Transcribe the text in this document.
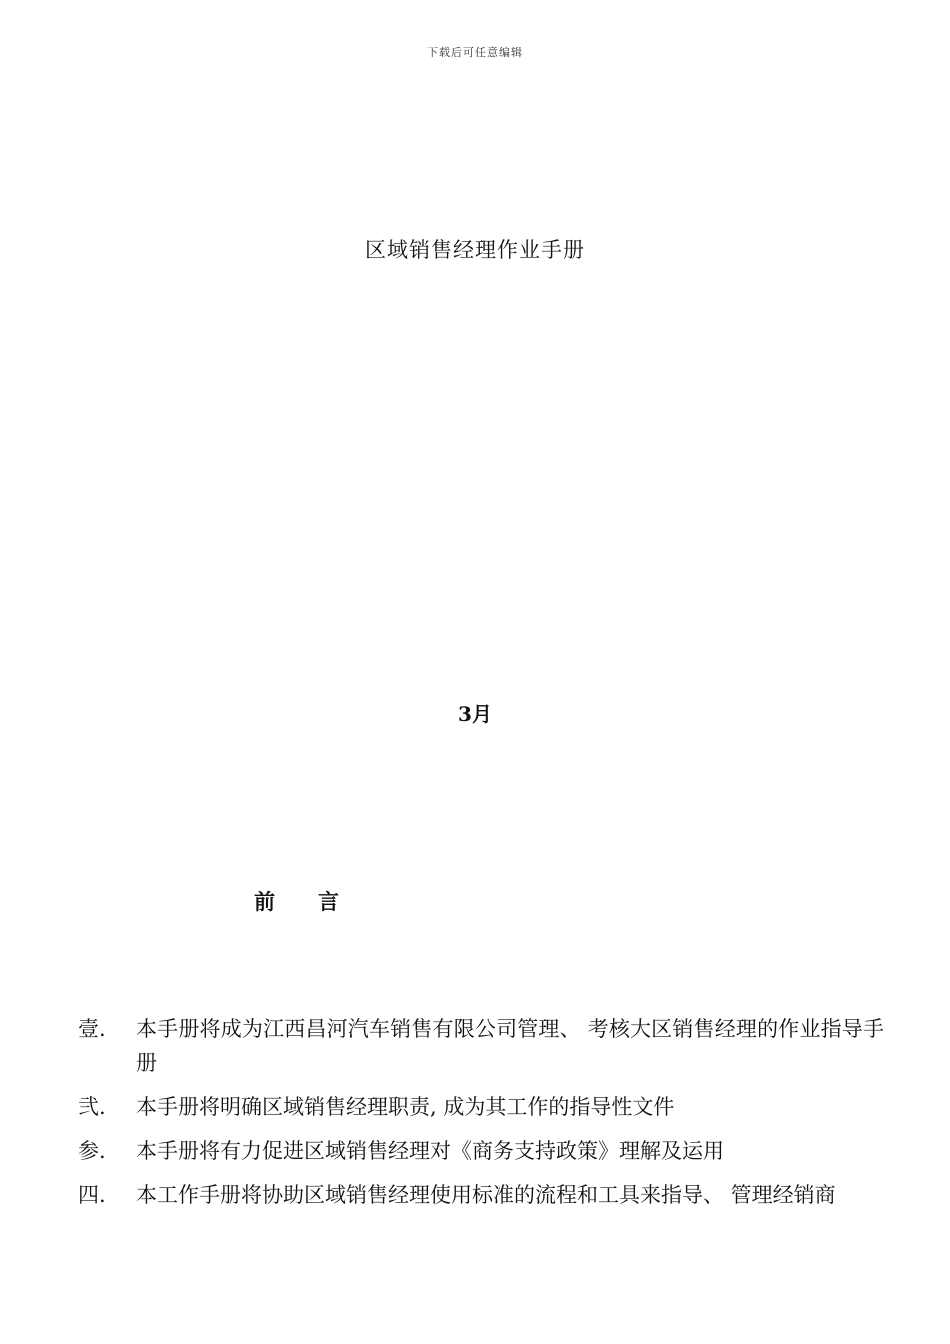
下载后可任意编辑
区域销售经理作业手册
3月
前 言
壹.	本手册将成为江西昌河汽车销售有限公司管理、 考核大区销售经理的作业指导手册
弐.	本手册将明确区域销售经理职责, 成为其工作的指导性文件
参.	本手册将有力促进区域销售经理对《商务支持政策》理解及运用
四.	本工作手册将协助区域销售经理使用标准的流程和工具来指导、 管理经销商
